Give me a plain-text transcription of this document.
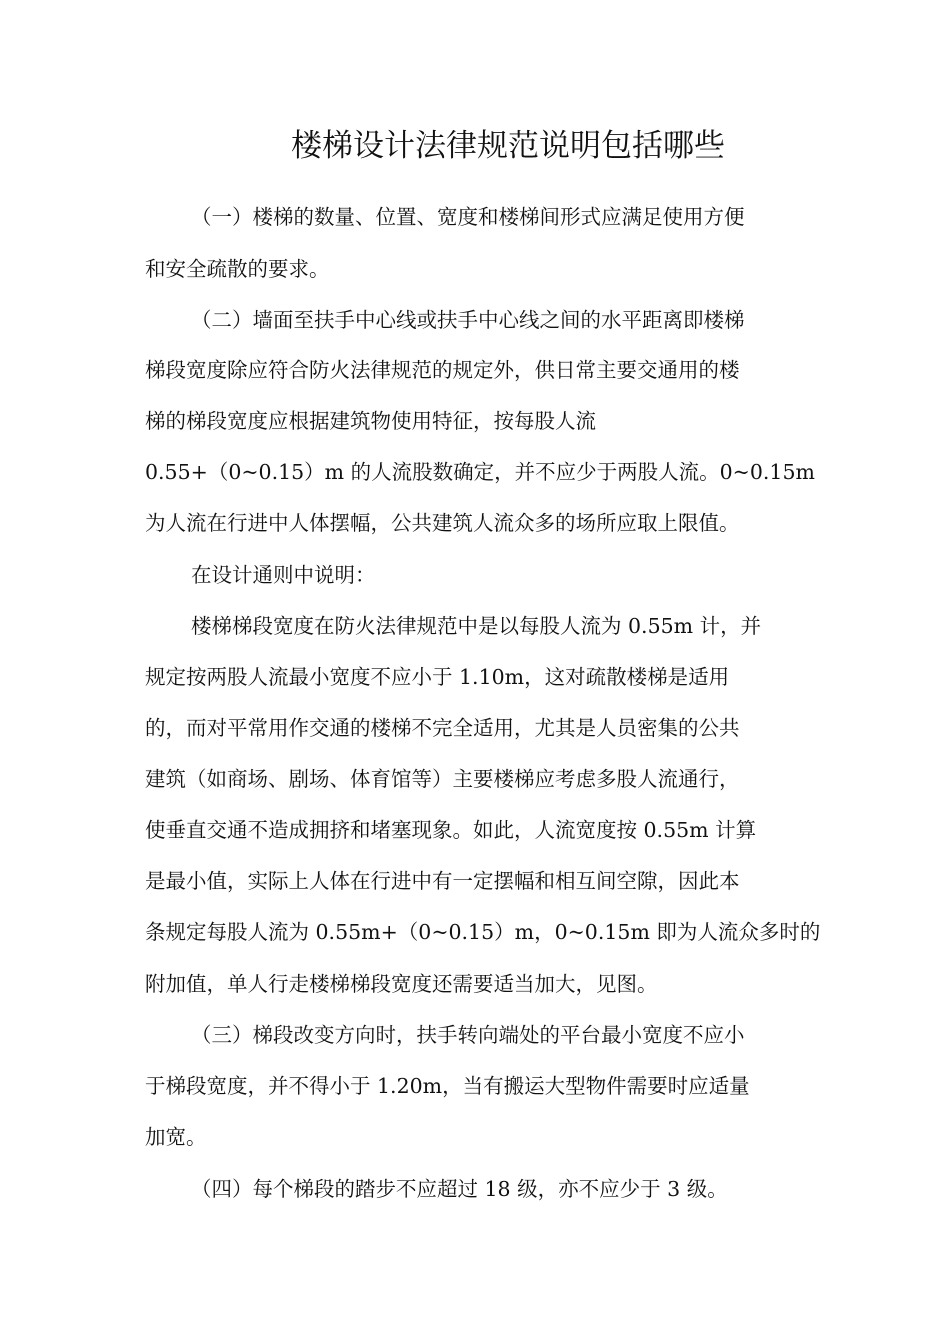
楼梯设计法律规范说明包括哪些
（一）楼梯的数量、位置、宽度和楼梯间形式应满足使用方便
和安全疏散的要求。
（二）墙面至扶手中心线或扶手中心线之间的水平距离即楼梯
梯段宽度除应符合防火法律规范的规定外，供日常主要交通用的楼
梯的梯段宽度应根据建筑物使用特征，按每股人流
0.55+（0~0.15）m 的人流股数确定，并不应少于两股人流。0~0.15m
为人流在行进中人体摆幅，公共建筑人流众多的场所应取上限值。
在设计通则中说明：
楼梯梯段宽度在防火法律规范中是以每股人流为 0.55m 计，并
规定按两股人流最小宽度不应小于 1.10m，这对疏散楼梯是适用
的，而对平常用作交通的楼梯不完全适用，尤其是人员密集的公共
建筑（如商场、剧场、体育馆等）主要楼梯应考虑多股人流通行，
使垂直交通不造成拥挤和堵塞现象。如此，人流宽度按 0.55m 计算
是最小值，实际上人体在行进中有一定摆幅和相互间空隙，因此本
条规定每股人流为 0.55m+（0~0.15）m，0~0.15m 即为人流众多时的
附加值，单人行走楼梯梯段宽度还需要适当加大，见图。
（三）梯段改变方向时，扶手转向端处的平台最小宽度不应小
于梯段宽度，并不得小于 1.20m，当有搬运大型物件需要时应适量
加宽。
（四）每个梯段的踏步不应超过 18 级，亦不应少于 3 级。
